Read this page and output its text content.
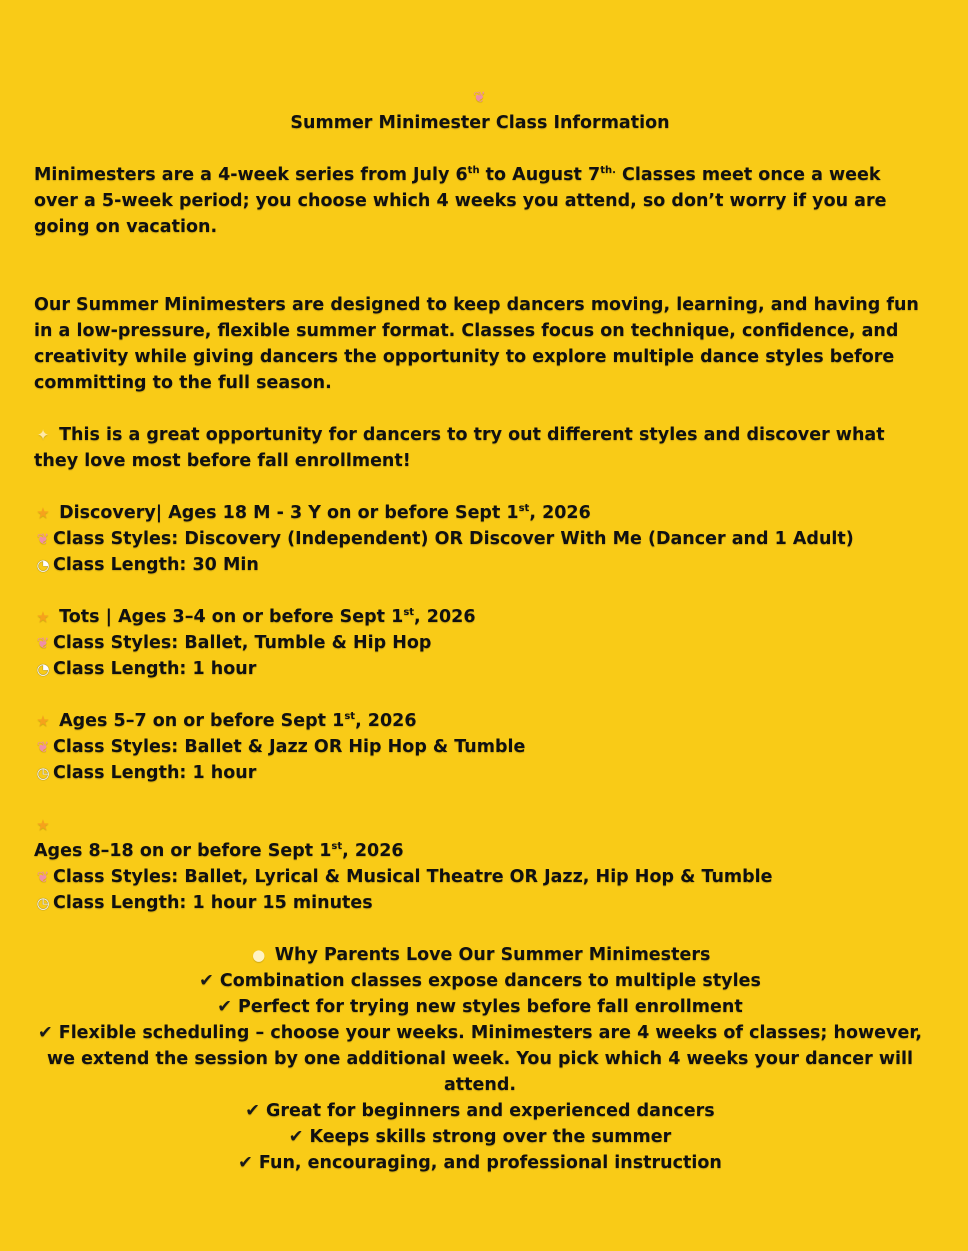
❦

Summer Minimester Class Information

Minimesters are a 4-week series from July 6th to August $7^{th.}$ Classes meet once a week over a 5-week period; you choose which 4 weeks you attend, so don’t worry if you are going on vacation.

Our Summer Minimesters are designed to keep dancers moving, learning, and having fun in a low-pressure, flexible summer format. Classes focus on technique, confidence, and creativity while giving dancers the opportunity to explore multiple dance styles before committing to the full season.

✦ This is a great opportunity for dancers to try out different styles and discover what they love most before fall enrollment!

★ Discovery| Ages 18 M - 3 Y on or before Sept 1st, 2026

❦ Class Styles: Discovery (Independent) OR Discover With Me (Dancer and 1 Adult)

◔ Class Length: 30 Min

★ Tots | Ages 3–4 on or before Sept 1st, 2026

❦ Class Styles: Ballet, Tumble & Hip Hop

◔ Class Length: 1 hour

★ Ages 5–7 on or before Sept 1st, 2026

❦ Class Styles: Ballet & Jazz OR Hip Hop & Tumble

◷ Class Length: 1 hour

★

Ages 8–18 on or before Sept 1st, 2026

❦ Class Styles: Ballet, Lyrical & Musical Theatre OR Jazz, Hip Hop & Tumble

◷ Class Length: 1 hour 15 minutes

● Why Parents Love Our Summer Minimesters

✔ Combination classes expose dancers to multiple styles

✔ Perfect for trying new styles before fall enrollment

✔ Flexible scheduling – choose your weeks. Minimesters are 4 weeks of classes; however, we extend the session by one additional week. You pick which 4 weeks your dancer will attend.

✔ Great for beginners and experienced dancers

✔ Keeps skills strong over the summer

✔ Fun, encouraging, and professional instruction
